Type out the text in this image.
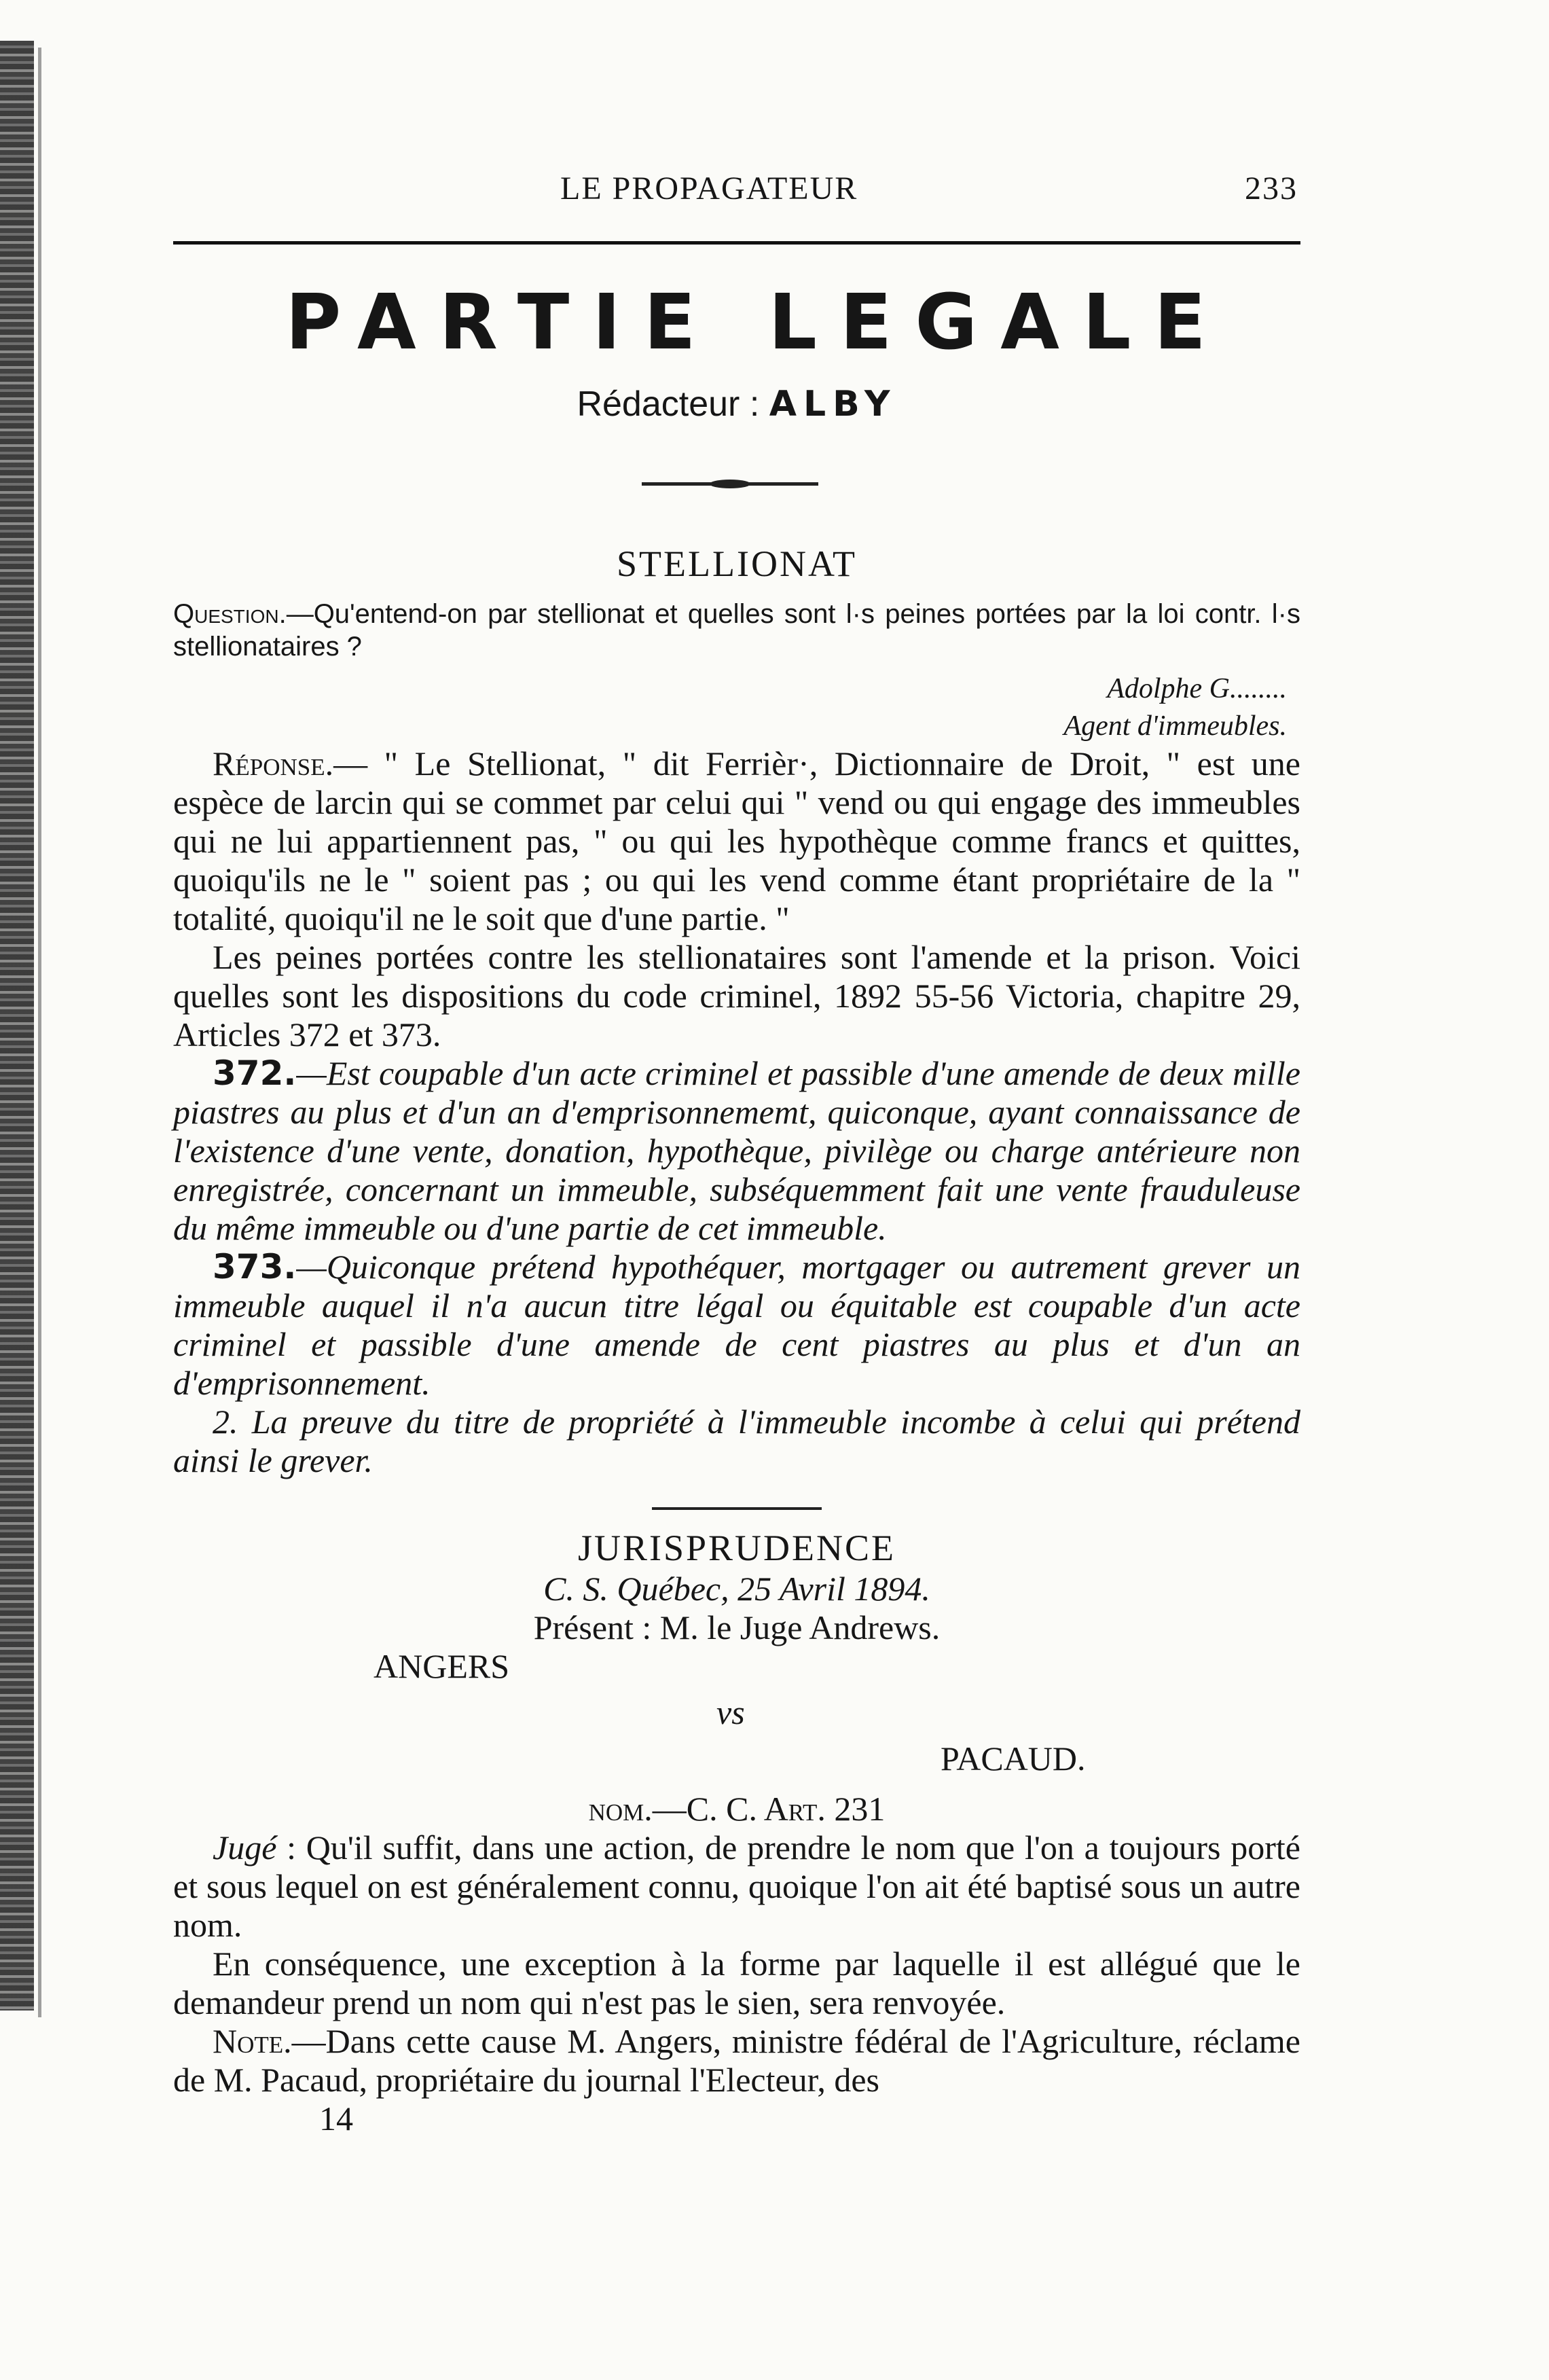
LE PROPAGATEUR	233
PARTIE LEGALE
Rédacteur : ALBY

STELLIONAT

Question.—Qu'entend-on par stellionat et quelles sont l·s peines portées par la loi contr. l·s stellionataires ?

Adolphe G........
Agent d'immeubles.

Réponse.— " Le Stellionat, " dit Ferrièr·, Dictionnaire de Droit, " est une espèce de larcin qui se commet par celui qui " vend ou qui engage des immeubles qui ne lui appartiennent pas, " ou qui les hypothèque comme francs et quittes, quoiqu'ils ne le " soient pas ; ou qui les vend comme étant propriétaire de la " totalité, quoiqu'il ne le soit que d'une partie. "

Les peines portées contre les stellionataires sont l'amende et la prison. Voici quelles sont les dispositions du code criminel, 1892 55-56 Victoria, chapitre 29, Articles 372 et 373.

372.—Est coupable d'un acte criminel et passible d'une amende de deux mille piastres au plus et d'un an d'emprisonnememt, quiconque, ayant connaissance de l'existence d'une vente, donation, hypothèque, pivilège ou charge antérieure non enregistrée, concernant un immeuble, subséquemment fait une vente frauduleuse du même immeuble ou d'une partie de cet immeuble.

373.—Quiconque prétend hypothéquer, mortgager ou autrement grever un immeuble auquel il n'a aucun titre légal ou équitable est coupable d'un acte criminel et passible d'une amende de cent piastres au plus et d'un an d'emprisonnement.

2. La preuve du titre de propriété à l'immeuble incombe à celui qui prétend ainsi le grever.

JURISPRUDENCE

C. S. Québec, 25 Avril 1894.

Présent : M. le Juge Andrews.

ANGERS
vs
PACAUD.

nom.—C. C. Art. 231

Jugé : Qu'il suffit, dans une action, de prendre le nom que l'on a toujours porté et sous lequel on est généralement connu, quoique l'on ait été baptisé sous un autre nom.

En conséquence, une exception à la forme par laquelle il est allégué que le demandeur prend un nom qui n'est pas le sien, sera renvoyée.

Note.—Dans cette cause M. Angers, ministre fédéral de l'Agriculture, réclame de M. Pacaud, propriétaire du journal l'Electeur, des

14
